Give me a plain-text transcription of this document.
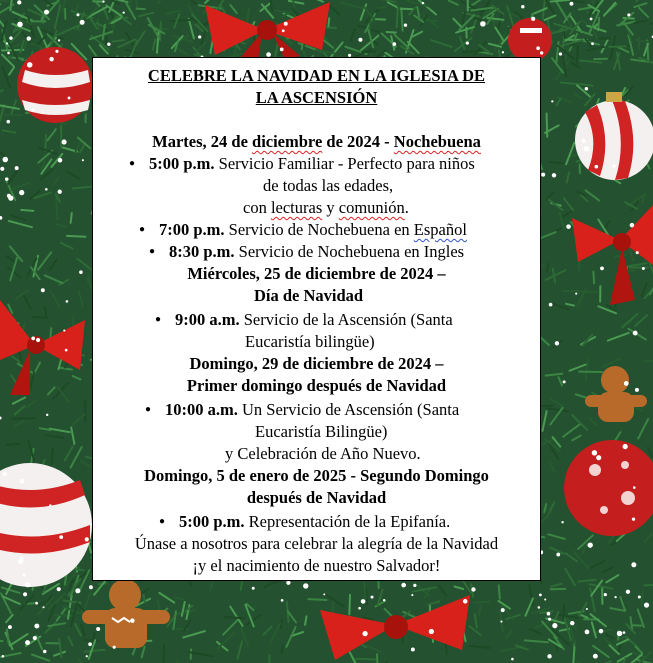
CELEBRE LA NAVIDAD EN LA IGLESIA DE
LA ASCENSIÓN
Martes, 24 de diciembre de 2024 - Nochebuena
● 5:00 p.m. Servicio Familiar - Perfecto para niños
de todas las edades,
con lecturas y comunión.
● 7:00 p.m. Servicio de Nochebuena en Español
● 8:30 p.m. Servicio de Nochebuena en Ingles
Miércoles, 25 de diciembre de 2024 –
Día de Navidad
● 9:00 a.m. Servicio de la Ascensión (Santa
Eucaristía bilingüe)
Domingo, 29 de diciembre de 2024 –
Primer domingo después de Navidad
● 10:00 a.m. Un Servicio de Ascensión (Santa
Eucaristía Bilingüe)
y Celebración de Año Nuevo.
Domingo, 5 de enero de 2025 - Segundo Domingo
después de Navidad
● 5:00 p.m. Representación de la Epifanía.
Únase a nosotros para celebrar la alegría de la Navidad
¡y el nacimiento de nuestro Salvador!
